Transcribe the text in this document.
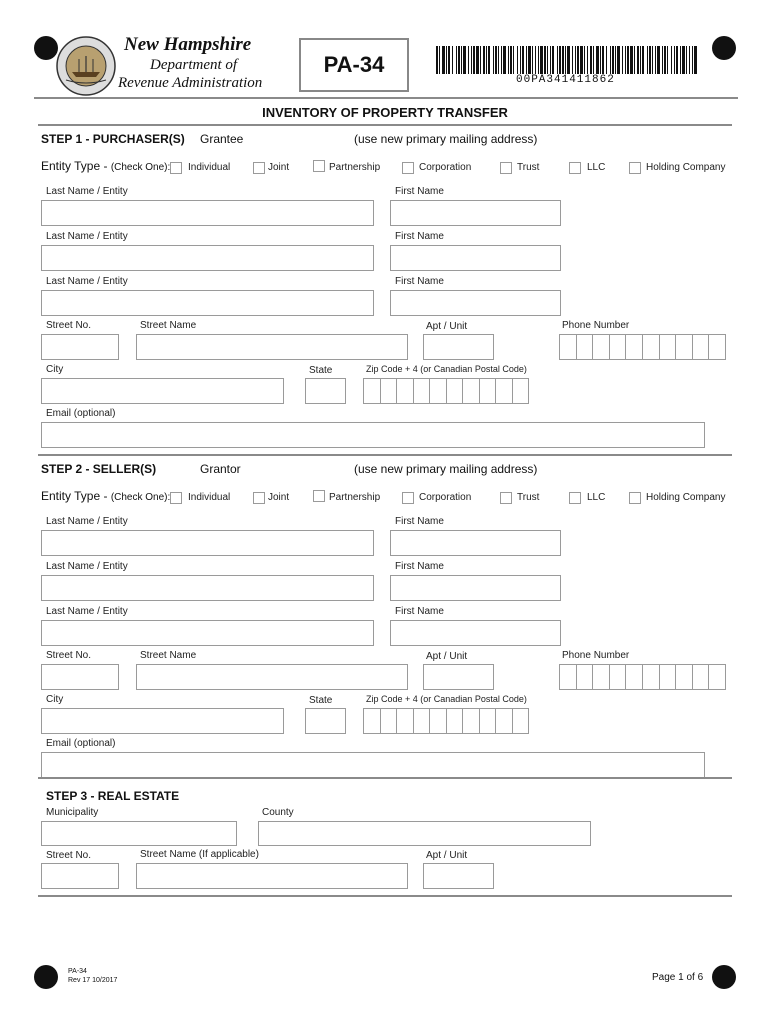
New Hampshire
Department of
Revenue Administration
PA-34
00PA341411862
INVENTORY OF PROPERTY TRANSFER
STEP 1 - PURCHASER(S) Grantee	(use new primary mailing address)
Entity Type - (Check One): Individual	Joint	Partnership	Corporation	Trust	LLC	Holding Company
Last Name / Entity	First Name
Last Name / Entity	First Name
Last Name / Entity	First Name
Street No.	Street Name	Apt / Unit	Phone Number
City	State	Zip Code + 4 (or Canadian Postal Code)
Email (optional)
STEP 2 - SELLER(S)	Grantor	(use new primary mailing address)
Entity Type - (Check One): Individual	Joint	Partnership	Corporation	Trust	LLC	Holding Company
Last Name / Entity	First Name
Last Name / Entity	First Name
Last Name / Entity	First Name
Street No.	Street Name	Apt / Unit	Phone Number
City	State	Zip Code + 4 (or Canadian Postal Code)
Email (optional)
STEP 3 - REAL ESTATE
Municipality	County
Street No.	Street Name (If applicable)	Apt / Unit
PA-34
Rev 17 10/2017	Page 1 of 6
